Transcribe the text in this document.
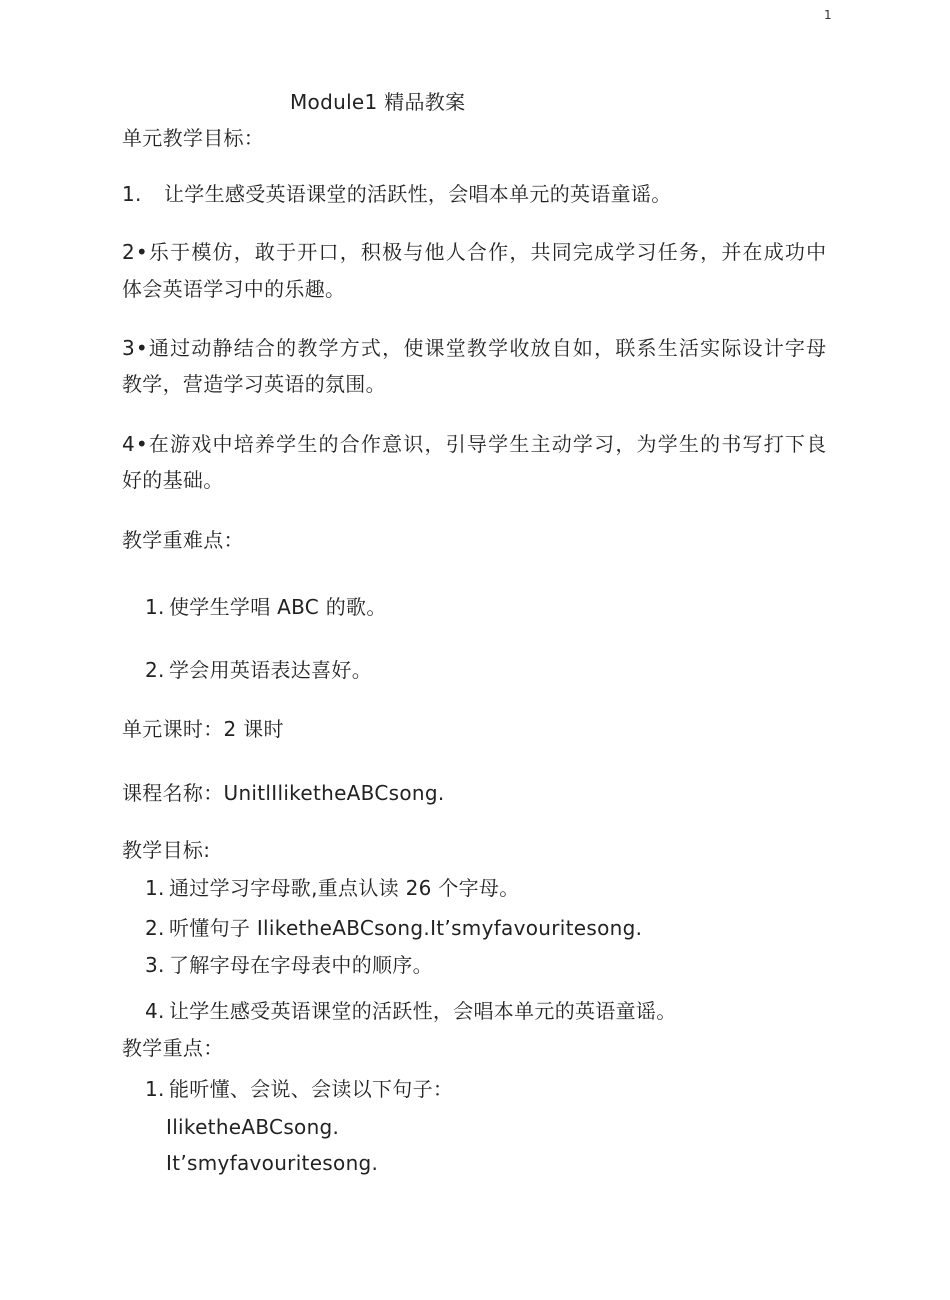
1
Module1 精品教案
单元教学目标：
1. 让学生感受英语课堂的活跃性，会唱本单元的英语童谣。
2•乐于模仿，敢于开口，积极与他人合作，共同完成学习任务，并在成功中
体会英语学习中的乐趣。
3•通过动静结合的教学方式，使课堂教学收放自如，联系生活实际设计字母
教学，营造学习英语的氛围。
4•在游戏中培养学生的合作意识，引导学生主动学习，为学生的书写打下良
好的基础。
教学重难点：
1. 使学生学唱 ABC 的歌。
2. 学会用英语表达喜好。
单元课时：2 课时
课程名称：UnitlIliketheABCsong.
教学目标:
1. 通过学习字母歌,重点认读 26 个字母。
2. 听懂句子 IliketheABCsong.It’smyfavouritesong.
3. 了解字母在字母表中的顺序。
4. 让学生感受英语课堂的活跃性，会唱本单元的英语童谣。
教学重点：
1. 能听懂、会说、会读以下句子：
IliketheABCsong.
It’smyfavouritesong.
